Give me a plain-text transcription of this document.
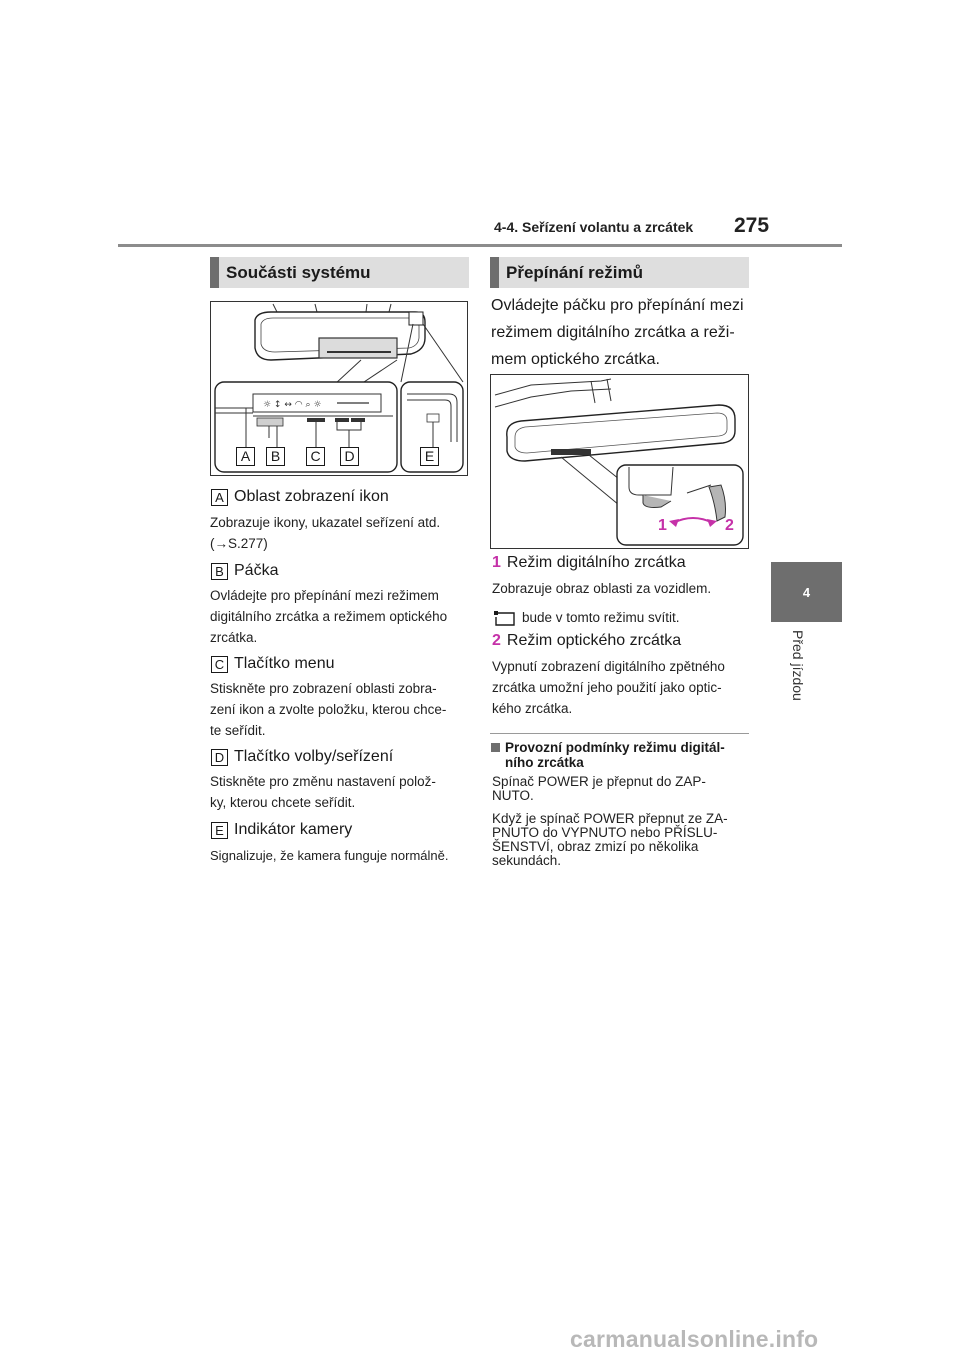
4-4. Seřízení volantu a zrcátek 275
4
Před jízdou
Součásti systému
☼ ↕ ↔ ◠ ⌕ ☼
A	B	C	D	E
A Oblast zobrazení ikon
Zobrazuje ikony, ukazatel seřízení atd.
(→S.277)
B Páčka
Ovládejte pro přepínání mezi režimem
digitálního zrcátka a režimem optického
zrcátka.
C Tlačítko menu
Stiskněte pro zobrazení oblasti zobra-
zení ikon a zvolte položku, kterou chce-
te seřídit.
D Tlačítko volby/seřízení
Stiskněte pro změnu nastavení polož-
ky, kterou chcete seřídit.
E Indikátor kamery
Signalizuje, že kamera funguje normálně.
Přepínání režimů
Ovládejte páčku pro přepínání mezi
režimem digitálního zrcátka a reži-
mem optického zrcátka.
1	2
1 Režim digitálního zrcátka
Zobrazuje obraz oblasti za vozidlem.
bude v tomto režimu svítit.
2 Režim optického zrcátka
Vypnutí zobrazení digitálního zpětného
zrcátka umožní jeho použití jako optic-
kého zrcátka.
Provozní podmínky režimu digitál-
ního zrcátka
Spínač POWER je přepnut do ZAP-
NUTO.
Když je spínač POWER přepnut ze ZA-
PNUTO do VYPNUTO nebo PŘÍSLU-
ŠENSTVÍ, obraz zmizí po několika
sekundách.
carmanualsonline.info
